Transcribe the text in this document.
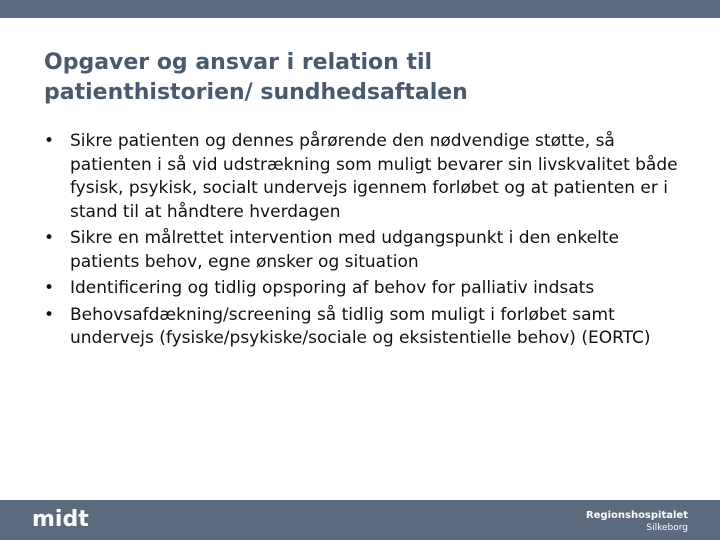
Opgaver og ansvar i relation til
patienthistorien/ sundhedsaftalen
• Sikre patienten og dennes pårørende den nødvendige støtte, så patienten i så vid udstrækning som muligt bevarer sin livskvalitet både fysisk, psykisk, socialt undervejs igennem forløbet og at patienten er i stand til at håndtere hverdagen
• Sikre en målrettet intervention med udgangspunkt i den enkelte patients behov, egne ønsker og situation
• Identificering og tidlig opsporing af behov for palliativ indsats
• Behovsafdækning/screening så tidlig som muligt i forløbet samt undervejs (fysiske/psykiske/sociale og eksistentielle behov) (EORTC)
midt	Regionshospitalet
Silkeborg
